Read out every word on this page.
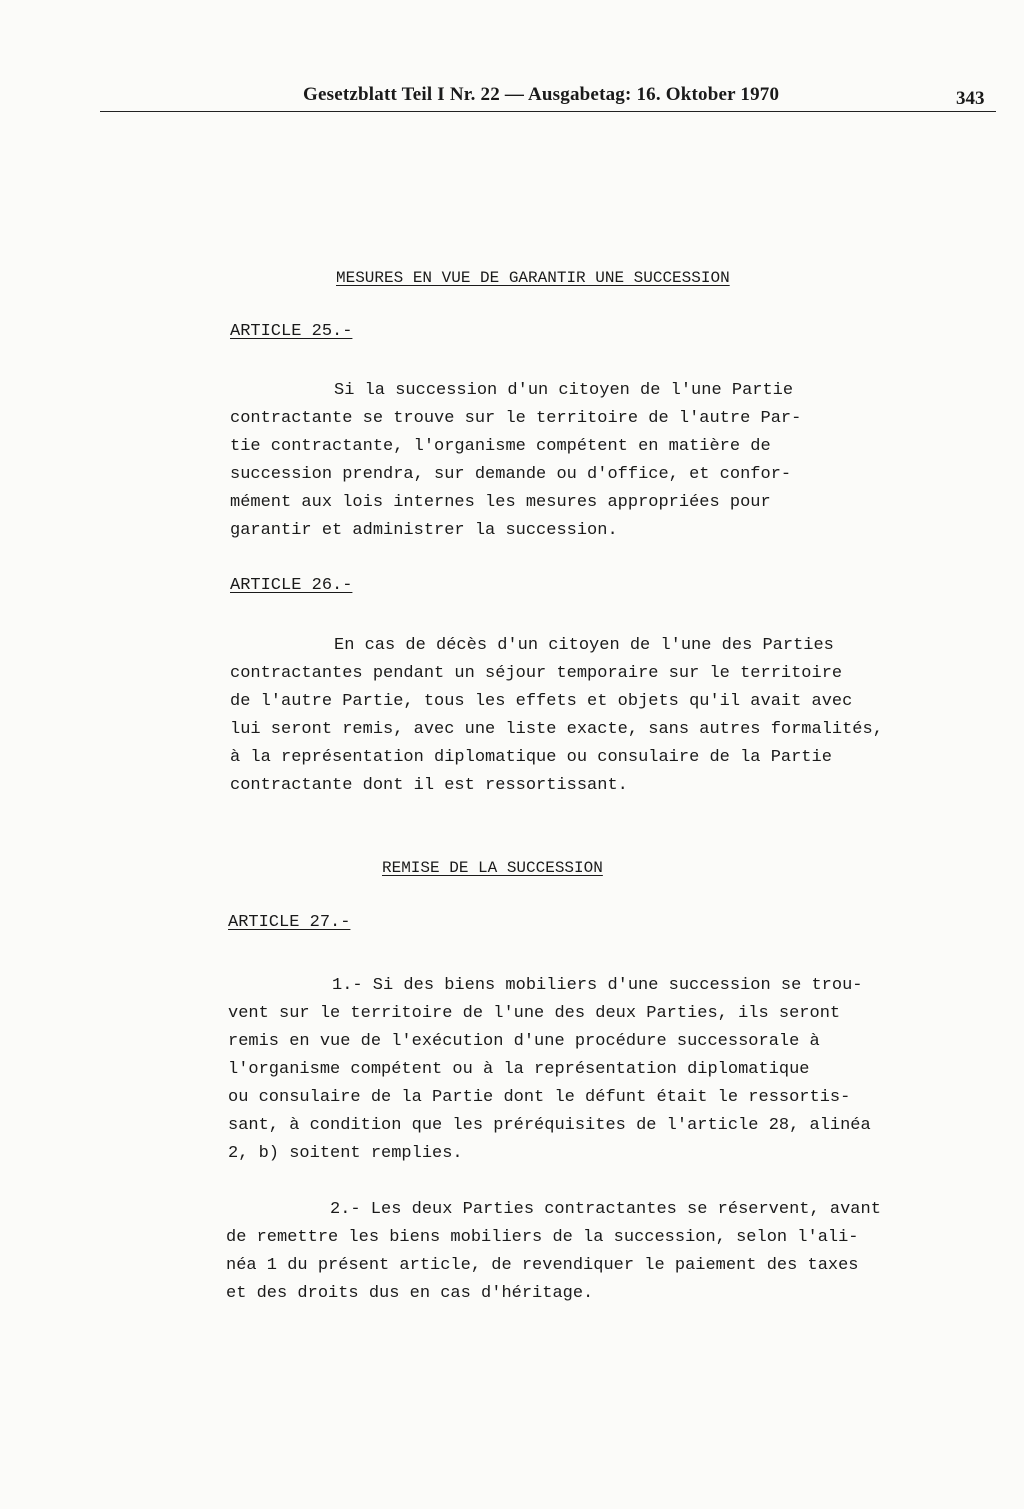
Gesetzblatt Teil I Nr. 22 — Ausgabetag: 16. Oktober 1970	343
MESURES EN VUE DE GARANTIR UNE SUCCESSION
ARTICLE 25.-
Si la succession d'un citoyen de l'une Partie
contractante se trouve sur le territoire de l'autre Par-
tie contractante, l'organisme compétent en matière de
succession prendra, sur demande ou d'office, et confor-
mément aux lois internes les mesures appropriées pour
garantir et administrer la succession.
ARTICLE 26.-
En cas de décès d'un citoyen de l'une des Parties
contractantes pendant un séjour temporaire sur le territoire
de l'autre Partie, tous les effets et objets qu'il avait avec
lui seront remis, avec une liste exacte, sans autres formalités,
à la représentation diplomatique ou consulaire de la Partie
contractante dont il est ressortissant.
REMISE DE LA SUCCESSION
ARTICLE 27.-
1.- Si des biens mobiliers d'une succession se trou-
vent sur le territoire de l'une des deux Parties, ils seront
remis en vue de l'exécution d'une procédure successorale à
l'organisme compétent ou à la représentation diplomatique
ou consulaire de la Partie dont le défunt était le ressortis-
sant, à condition que les préréquisites de l'article 28, alinéa
2, b) soitent remplies.
2.- Les deux Parties contractantes se réservent, avant
de remettre les biens mobiliers de la succession, selon l'ali-
néa 1 du présent article, de revendiquer le paiement des taxes
et des droits dus en cas d'héritage.
